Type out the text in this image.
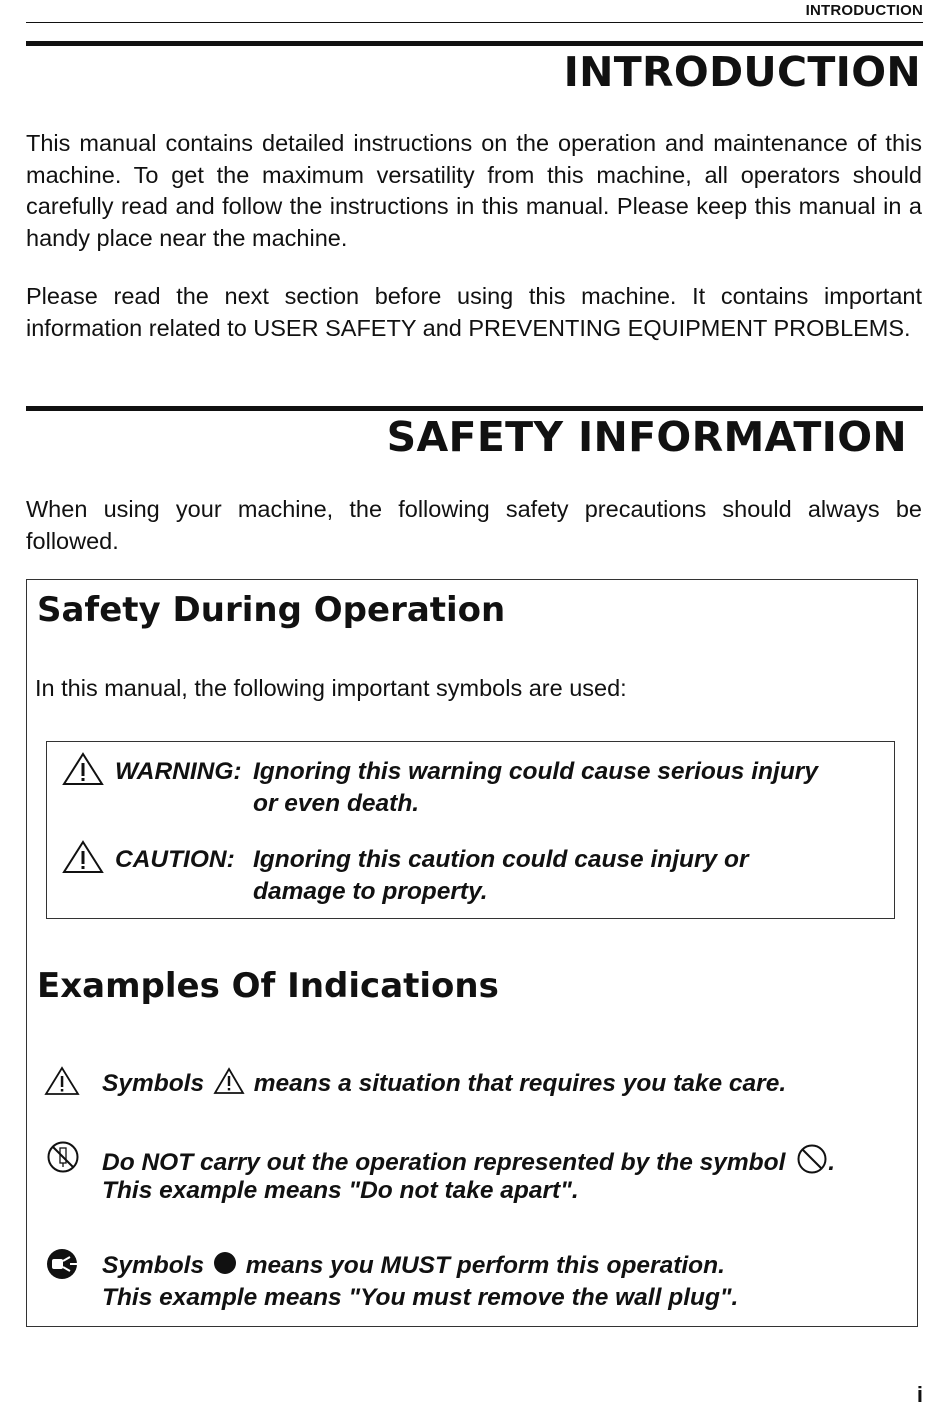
INTRODUCTION
INTRODUCTION
This manual contains detailed instructions on the operation and maintenance of this machine. To get the maximum versatility from this machine, all operators should carefully read and follow the instructions in this manual. Please keep this manual in a handy place near the machine.
Please read the next section before using this machine. It contains important information related to USER SAFETY and PREVENTING EQUIPMENT PROBLEMS.
SAFETY INFORMATION
When using your machine, the following safety precautions should always be followed.
Safety During Operation
In this manual, the following important symbols are used:
WARNING: Ignoring this warning could cause serious injury
or even death.
CAUTION: Ignoring this caution could cause injury or
damage to property.
Examples Of Indications
Symbols means a situation that requires you take care.
Do NOT carry out the operation represented by the symbol .
This example means "Do not take apart".
Symbols means you MUST perform this operation.
This example means "You must remove the wall plug".
i
